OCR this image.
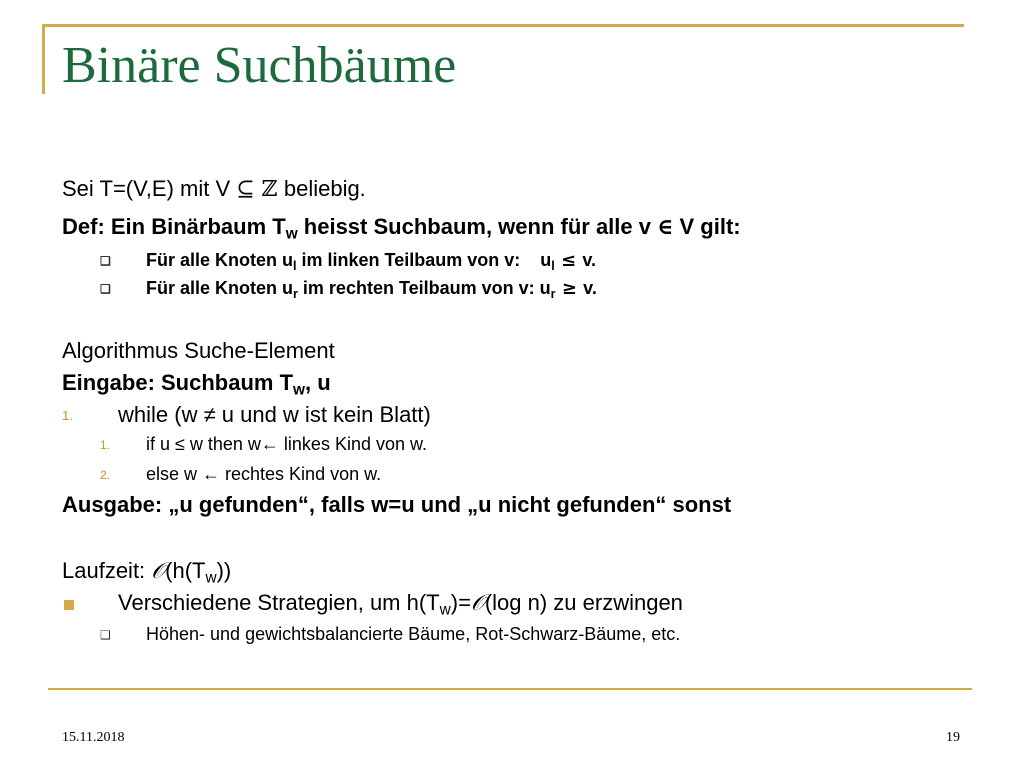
Binäre Suchbäume
Sei T=(V,E) mit V ⊆ ℤ beliebig.
Def: Ein Binärbaum $T_w$ heisst Suchbaum, wenn für alle v ∈ V gilt:
❑ Für alle Knoten $u_l$ im linken Teilbaum von v:    $u_l \le v$.
❑ Für alle Knoten $u_r$ im rechten Teilbaum von v: $u_r \ge v$.
Algorithmus Suche-Element
Eingabe: Suchbaum $T_w$, u
1. while (w ≠ u und w ist kein Blatt)
1. if u ≤ w then w← linkes Kind von w.
2. else w ← rechtes Kind von w.
Ausgabe: „u gefunden“, falls w=u und „u nicht gefunden“ sonst
Laufzeit: $𝒪(h(T_w))$
Verschiedene Strategien, um $h(T_w)=𝒪(\log$ n) zu erzwingen
❑ Höhen- und gewichtsbalancierte Bäume, Rot-Schwarz-Bäume, etc.
15.11.2018	19
